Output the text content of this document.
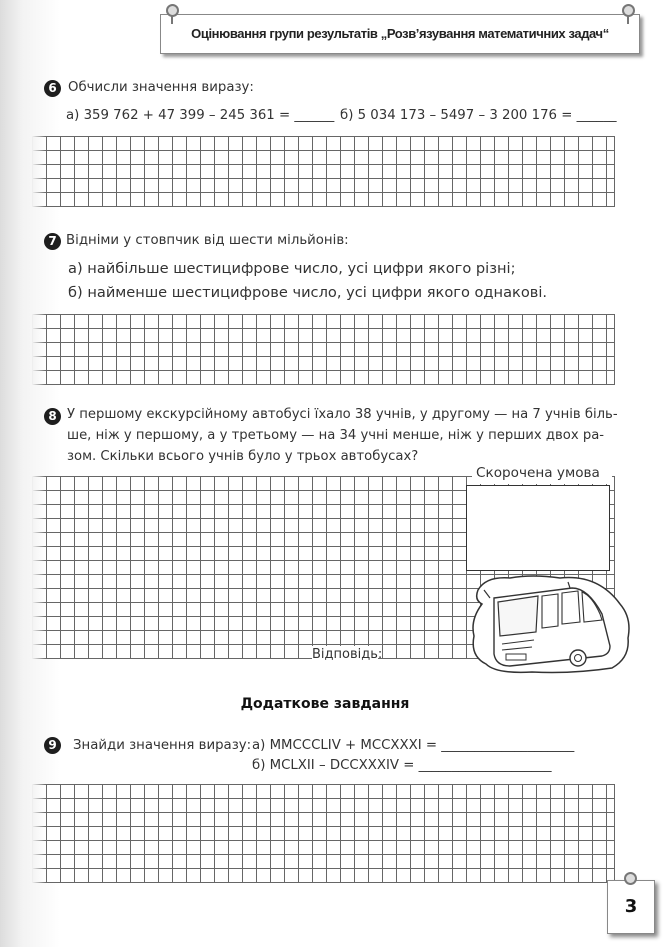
Оцінювання групи результатів „Розв’язування математичних задач“
6 Обчисли значення виразу:
а) 359 762 + 47 399 – 245 361 = ______ б) 5 034 173 – 5497 – 3 200 176 = ______
7 Відніми у стовпчик від шести мільйонів:
а) найбільше шестицифрове число, усі цифри якого різні;
б) найменше шестицифрове число, усі цифри якого однакові.
8 У першому екскурсійному автобусі їхало 38 учнів, у другому — на 7 учнів біль-
ше, ніж у першому, а у третьому — на 34 учні менше, ніж у перших двох ра-
зом. Скільки всього учнів було у трьох автобусах?
Скорочена умова
Відповідь:
Додаткове завдання
9	Знайди значення виразу: а) MMCCCLIV + MCCXXXI = ____________________
б) MCLXII – DCCXXXIV = ____________________
3
